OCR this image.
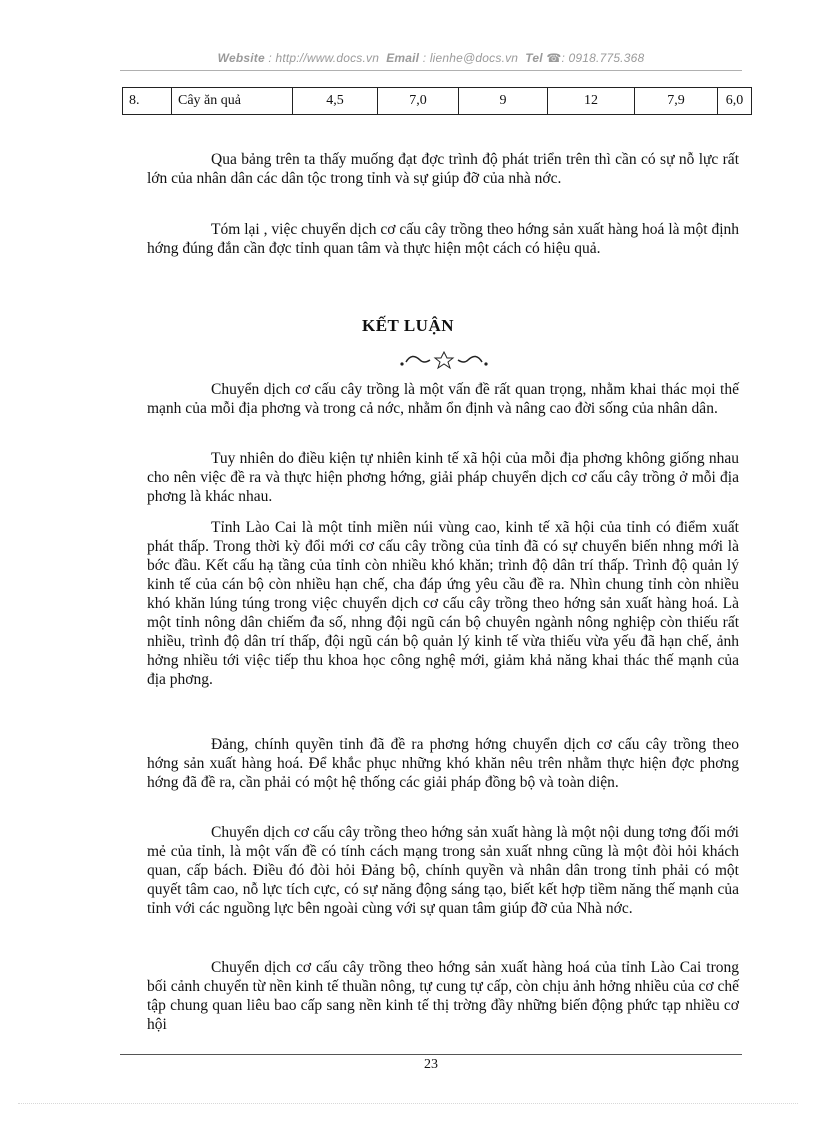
Website : http://www.docs.vn Email : lienhe@docs.vn Tel ☎: 0918.775.368
8.	Cây ăn quả	4,5	7,0	9	12	7,9	6,0

Qua bảng trên ta thấy muống đạt đợc trình độ phát triển trên thì cần có sự nỗ lực rất lớn của nhân dân các dân tộc trong tỉnh và sự giúp đỡ của nhà nớc.

Tóm lại , việc chuyển dịch cơ cấu cây trồng theo hớng sản xuất hàng hoá là một định hớng đúng đắn cần đợc tỉnh quan tâm và thực hiện một cách có hiệu quả.

KẾT LUẬN

Chuyển dịch cơ cấu cây trồng là một vấn đề rất quan trọng, nhằm khai thác mọi thế mạnh của mỗi địa phơng và trong cả nớc, nhằm ổn định và nâng cao đời sống của nhân dân.

Tuy nhiên do điều kiện tự nhiên kinh tế xã hội của mỗi địa phơng không giống nhau cho nên việc đề ra và thực hiện phơng hớng, giải pháp chuyển dịch cơ cấu cây trồng ở mỗi địa phơng là khác nhau.

Tỉnh Lào Cai là một tỉnh miền núi vùng cao, kinh tế xã hội của tỉnh có điểm xuất phát thấp. Trong thời kỳ đổi mới cơ cấu cây trồng của tỉnh đã có sự chuyển biến nhng mới là bớc đầu. Kết cấu hạ tầng của tỉnh còn nhiều khó khăn; trình độ dân trí thấp. Trình độ quản lý kinh tế của cán bộ còn nhiều hạn chế, cha đáp ứng yêu cầu đề ra. Nhìn chung tỉnh còn nhiều khó khăn lúng túng trong việc chuyển dịch cơ cấu cây trồng theo hớng sản xuất hàng hoá. Là một tỉnh nông dân chiếm đa số, nhng đội ngũ cán bộ chuyên ngành nông nghiệp còn thiếu rất nhiều, trình độ dân trí thấp, đội ngũ cán bộ quản lý kinh tế vừa thiếu vừa yếu đã hạn chế, ảnh hởng nhiều tới việc tiếp thu khoa học công nghệ mới, giảm khả năng khai thác thế mạnh của địa phơng.

Đảng, chính quyền tỉnh đã đề ra phơng hớng chuyển dịch cơ cấu cây trồng theo hớng sản xuất hàng hoá. Để khắc phục những khó khăn nêu trên nhằm thực hiện đợc phơng hớng đã đề ra, cần phải có một hệ thống các giải pháp đồng bộ và toàn diện.

Chuyển dịch cơ cấu cây trồng theo hớng sản xuất hàng là một nội dung tơng đối mới mẻ của tỉnh, là một vấn đề có tính cách mạng trong sản xuất nhng cũng là một đòi hỏi khách quan, cấp bách. Điều đó đòi hỏi Đảng bộ, chính quyền và nhân dân trong tỉnh phải có một quyết tâm cao, nỗ lực tích cực, có sự năng động sáng tạo, biết kết hợp tiềm năng thế mạnh của tỉnh với các nguồng lực bên ngoài cùng với sự quan tâm giúp đỡ của Nhà nớc.

Chuyển dịch cơ cấu cây trồng theo hớng sản xuất hàng hoá của tỉnh Lào Cai trong bối cảnh chuyển từ nền kinh tế thuần nông, tự cung tự cấp, còn chịu ảnh hởng nhiều của cơ chế tập chung quan liêu bao cấp sang nền kinh tế thị trờng đầy những biến động phức tạp nhiều cơ hội

23
